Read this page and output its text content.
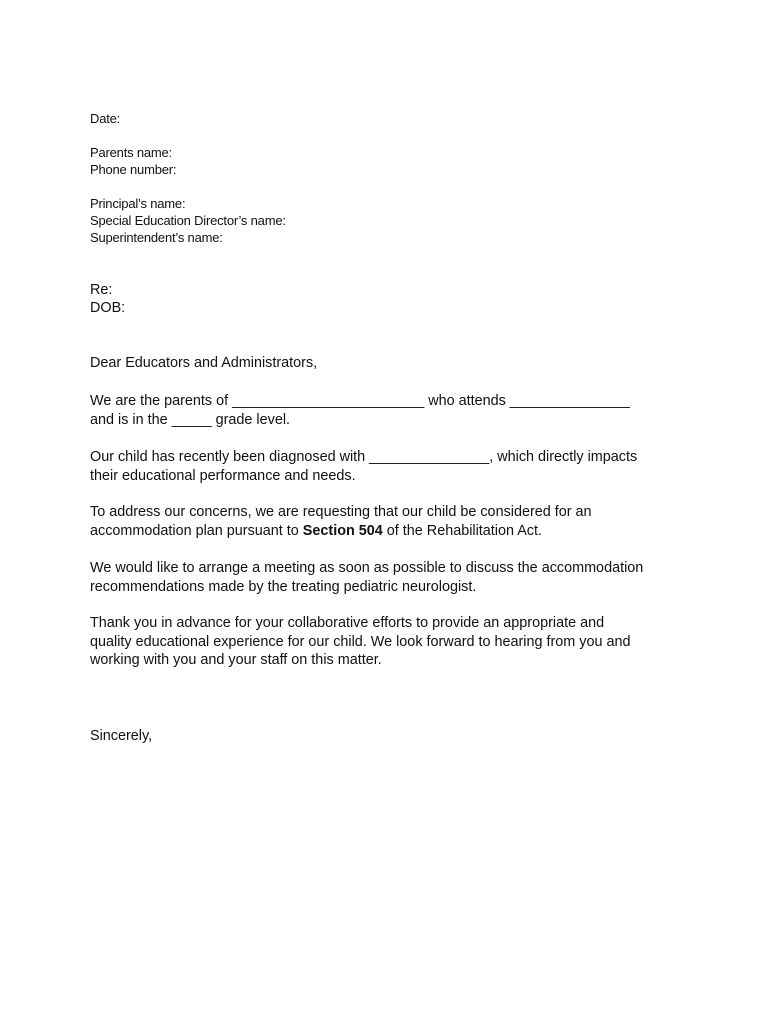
Date:
Parents name:
Phone number:
Principal’s name:
Special Education Director’s name:
Superintendent’s name:
Re:
DOB:
Dear Educators and Administrators,
We are the parents of ________________________ who attends _______________
and is in the _____ grade level.
Our child has recently been diagnosed with _______________, which directly impacts
their educational performance and needs.
To address our concerns, we are requesting that our child be considered for an
accommodation plan pursuant to Section 504 of the Rehabilitation Act.
We would like to arrange a meeting as soon as possible to discuss the accommodation
recommendations made by the treating pediatric neurologist.
Thank you in advance for your collaborative efforts to provide an appropriate and
quality educational experience for our child. We look forward to hearing from you and
working with you and your staff on this matter.
Sincerely,
